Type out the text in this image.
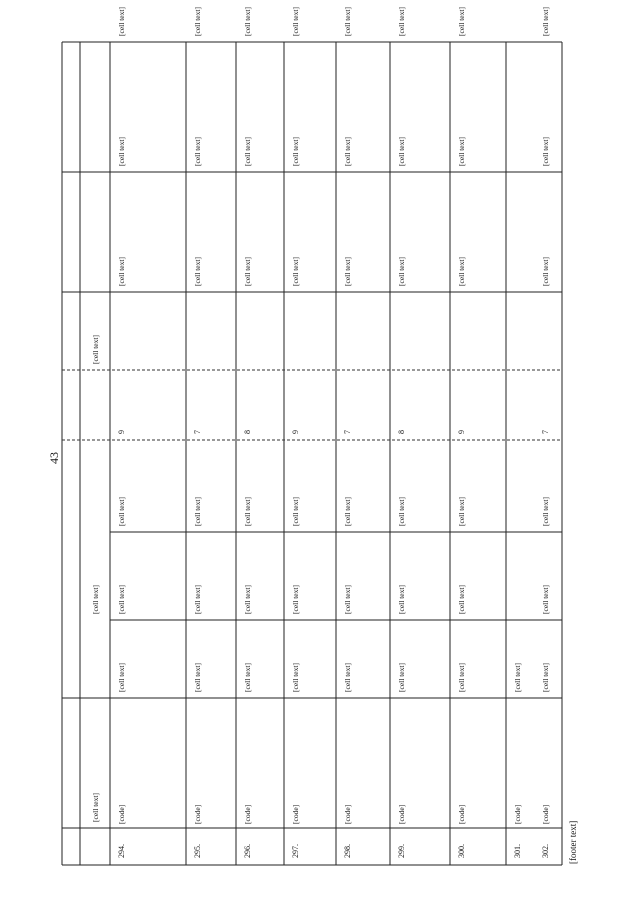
43
[footer text]
[cell text]
[cell text]
[cell text]
294.
[code]
[cell text]
[cell text]
[cell text]
9
[cell text]
[cell text]
[cell text]
295.
[code]
[cell text]
[cell text]
[cell text]
7
[cell text]
[cell text]
[cell text]
296.
[code]
[cell text]
[cell text]
[cell text]
8
[cell text]
[cell text]
[cell text]
297.
[code]
[cell text]
[cell text]
[cell text]
9
[cell text]
[cell text]
[cell text]
298.
[code]
[cell text]
[cell text]
[cell text]
7
[cell text]
[cell text]
[cell text]
299.
[code]
[cell text]
[cell text]
[cell text]
8
[cell text]
[cell text]
[cell text]
300.
[code]
[cell text]
[cell text]
[cell text]
9
[cell text]
[cell text]
[cell text]
301.
[code]
[cell text]
302.
[code]
[cell text]
[cell text]
[cell text]
7
[cell text]
[cell text]
[cell text]
